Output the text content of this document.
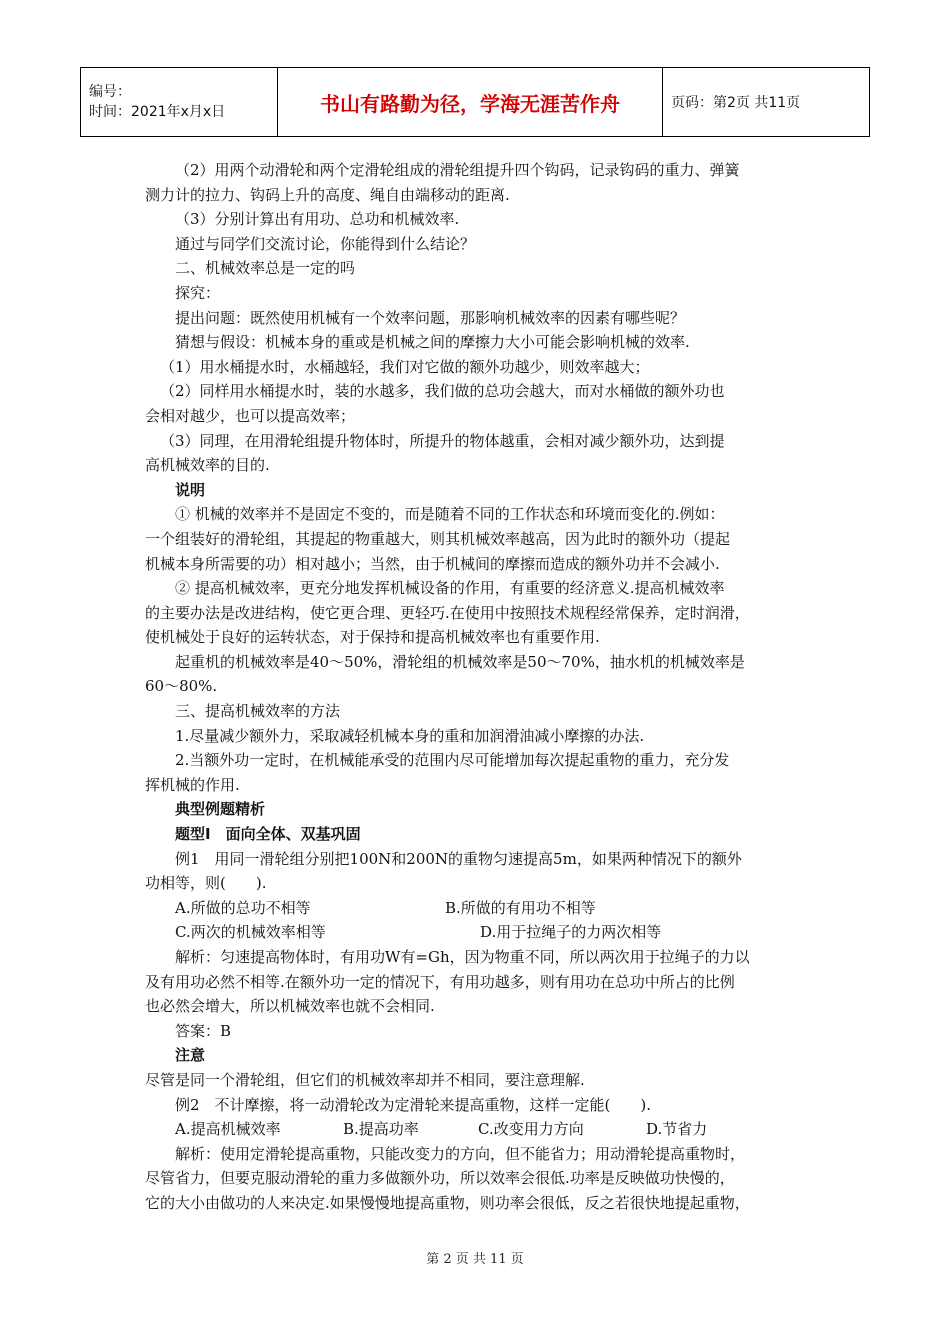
编号：
时间：2021年x月x日	书山有路勤为径，学海无涯苦作舟	页码：第2页 共11页

（2）用两个动滑轮和两个定滑轮组成的滑轮组提升四个钩码，记录钩码的重力、弹簧

测力计的拉力、钩码上升的高度、绳自由端移动的距离.

（3）分别计算出有用功、总功和机械效率.

通过与同学们交流讨论，你能得到什么结论？

二、机械效率总是一定的吗

探究：

提出问题：既然使用机械有一个效率问题，那影响机械效率的因素有哪些呢？

猜想与假设：机械本身的重或是机械之间的摩擦力大小可能会影响机械的效率.

（1）用水桶提水时，水桶越轻，我们对它做的额外功越少，则效率越大；

（2）同样用水桶提水时，装的水越多，我们做的总功会越大，而对水桶做的额外功也

会相对越少，也可以提高效率；

（3）同理，在用滑轮组提升物体时，所提升的物体越重，会相对减少额外功，达到提

高机械效率的目的.

说明

① 机械的效率并不是固定不变的，而是随着不同的工作状态和环境而变化的.例如：

一个组装好的滑轮组，其提起的物重越大，则其机械效率越高，因为此时的额外功（提起

机械本身所需要的功）相对越小；当然，由于机械间的摩擦而造成的额外功并不会减小.

② 提高机械效率，更充分地发挥机械设备的作用，有重要的经济意义.提高机械效率

的主要办法是改进结构，使它更合理、更轻巧.在使用中按照技术规程经常保养，定时润滑，

使机械处于良好的运转状态，对于保持和提高机械效率也有重要作用.

起重机的机械效率是40～50%，滑轮组的机械效率是50～70%，抽水机的机械效率是

60～80%.

三、提高机械效率的方法

1.尽量减少额外力，采取减轻机械本身的重和加润滑油减小摩擦的办法.

2.当额外功一定时，在机械能承受的范围内尽可能增加每次提起重物的重力，充分发

挥机械的作用.

典型例题精析

题型Ⅰ　面向全体、双基巩固

例1　用同一滑轮组分别把100N和200N的重物匀速提高5m，如果两种情况下的额外

功相等，则(　　).

A.所做的总功不相等	B.所做的有用功不相等
C.两次的机械效率相等	D.用于拉绳子的力两次相等

解析：匀速提高物体时，有用功W有=Gh，因为物重不同，所以两次用于拉绳子的力以

及有用功必然不相等.在额外功一定的情况下，有用功越多，则有用功在总功中所占的比例

也必然会增大，所以机械效率也就不会相同.

答案：B

注意

尽管是同一个滑轮组，但它们的机械效率却并不相同，要注意理解.

例2　不计摩擦，将一动滑轮改为定滑轮来提高重物，这样一定能(　　).

A.提高机械效率	B.提高功率	C.改变用力方向	D.节省力

解析：使用定滑轮提高重物，只能改变力的方向，但不能省力；用动滑轮提高重物时，

尽管省力，但要克服动滑轮的重力多做额外功，所以效率会很低.功率是反映做功快慢的，

它的大小由做功的人来决定.如果慢慢地提高重物，则功率会很低，反之若很快地提起重物，

第 2 页 共 11 页
